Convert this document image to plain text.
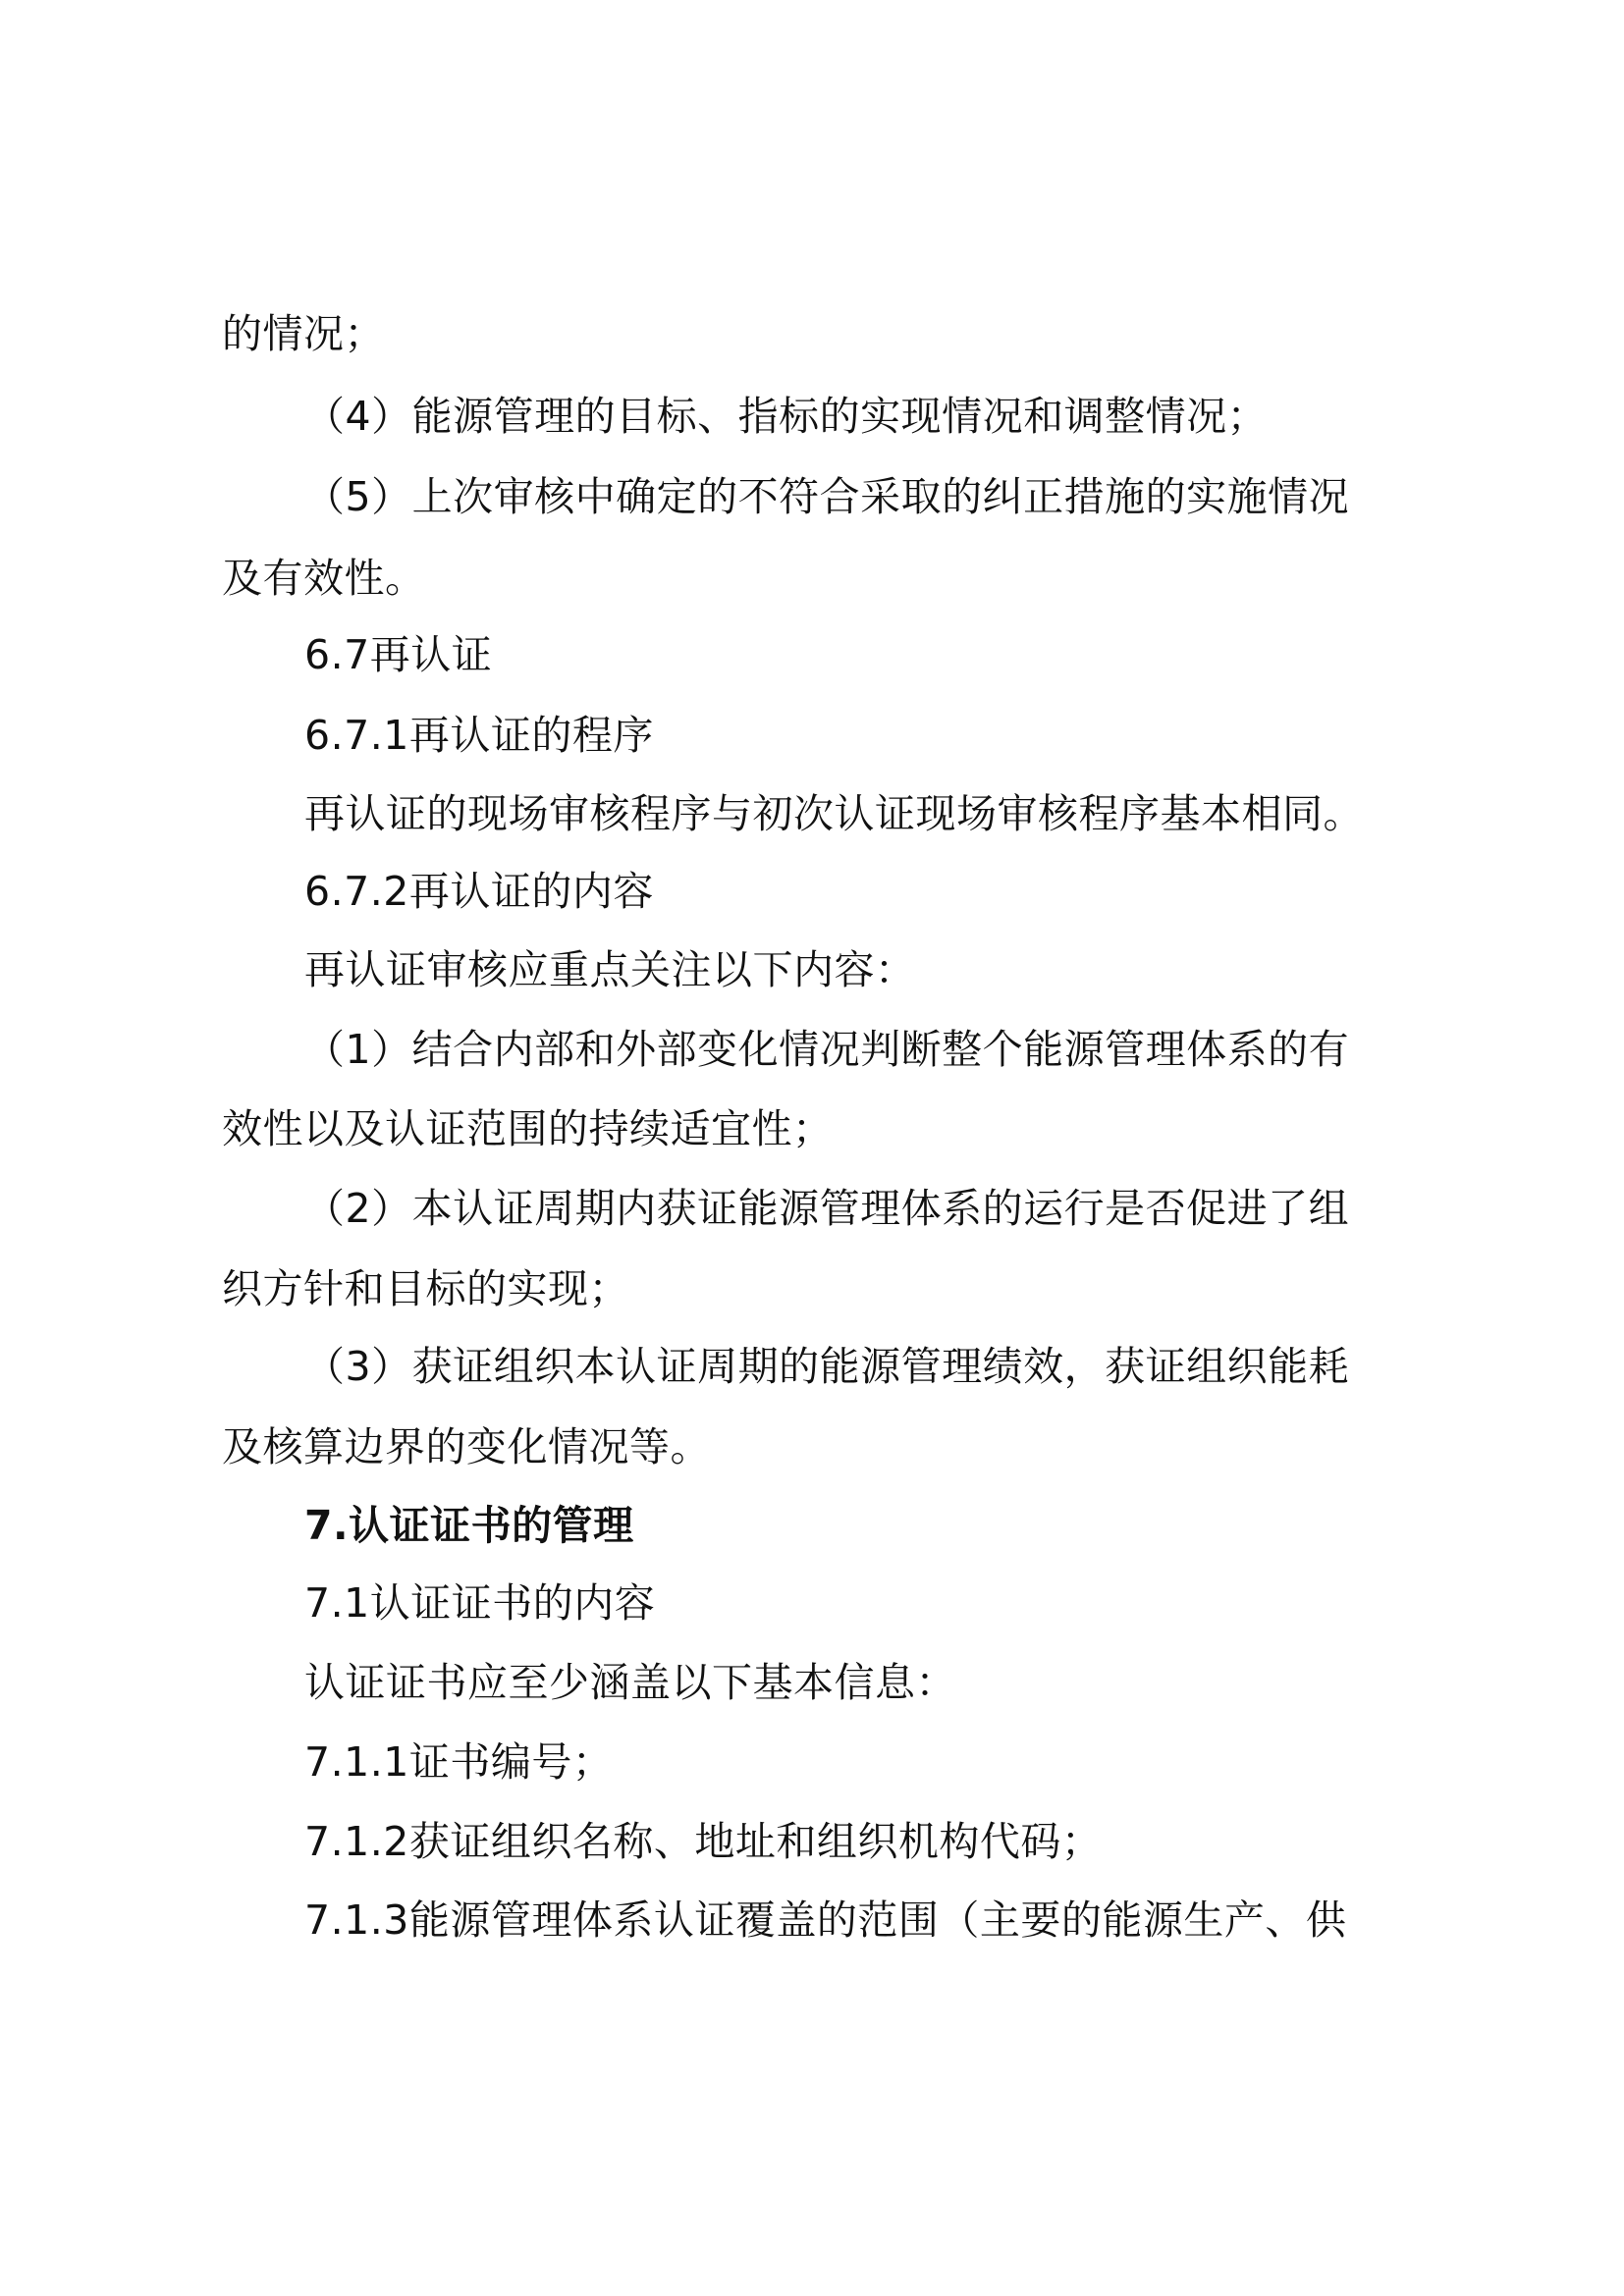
的情况；

（4）能源管理的目标、指标的实现情况和调整情况；

（5）上次审核中确定的不符合采取的纠正措施的实施情况

及有效性。

6.7再认证

6.7.1再认证的程序

再认证的现场审核程序与初次认证现场审核程序基本相同。

6.7.2再认证的内容

再认证审核应重点关注以下内容：

（1）结合内部和外部变化情况判断整个能源管理体系的有

效性以及认证范围的持续适宜性；

（2）本认证周期内获证能源管理体系的运行是否促进了组

织方针和目标的实现；

（3）获证组织本认证周期的能源管理绩效，获证组织能耗

及核算边界的变化情况等。

7.认证证书的管理

7.1认证证书的内容

认证证书应至少涵盖以下基本信息：

7.1.1证书编号；

7.1.2获证组织名称、地址和组织机构代码；

7.1.3能源管理体系认证覆盖的范围（主要的能源生产、供
